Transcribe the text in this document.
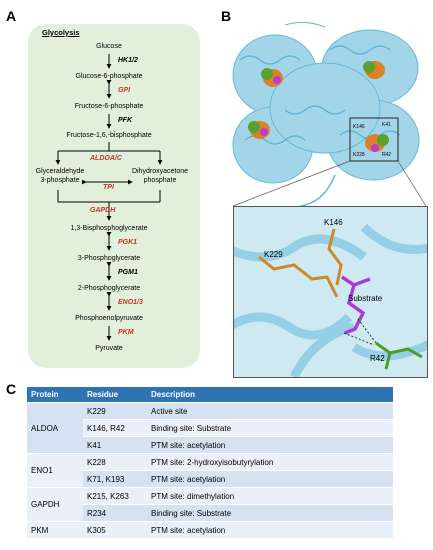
A	B
C
Glycolysis
Glucose
HK1/2
Glucose-6-phosphate
GPI
Fructose-6-phosphate
PFK
Fructose-1,6,-bisphosphate
ALDOA/C
Glyceraldehyde
3-phosphate
TPI
Dihydroxyacetone
phosphate
GAPDH
1,3-Bisphosphoglycerate
PGK1
3-Phosphoglycerate
PGM1
2-Phosphoglycerate
ENO1/3
Phosphoenolpyruvate
PKM
Pyruvate
K146	K41
K228	R42
K146
K229
Substrate
R42
Protein	Residue	Description
ALDOA	K229	Active site
	K146, R42	Binding site: Substrate
	K41	PTM site: acetylation
ENO1	K228	PTM site: 2-hydroxyisobutyrylation
	K71, K193	PTM site: acetylation
GAPDH	K215, K263	PTM site: dimethylation
	R234	Binding site: Substrate
PKM	K305	PTM site: acetylation
